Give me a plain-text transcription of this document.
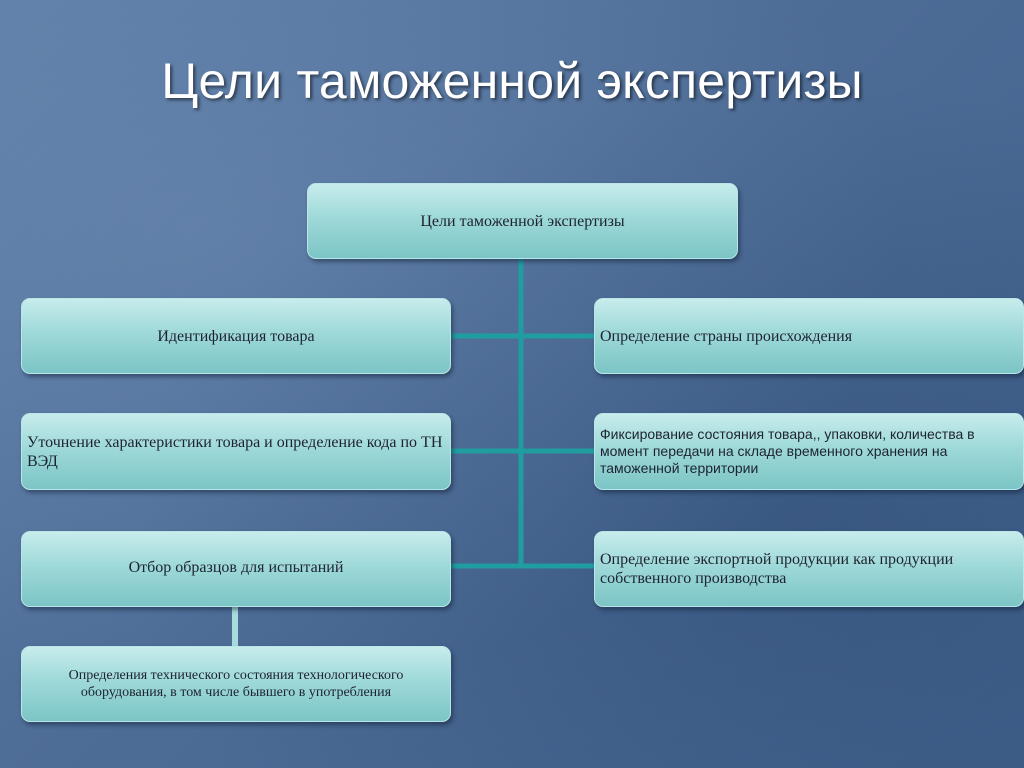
Цели таможенной экспертизы
Цели таможенной экспертизы
Идентификация товара
Уточнение характеристики товара и определение кода по ТН ВЭД
Отбор образцов для испытаний
Определение страны происхождения
Фиксирование состояния товара,, упаковки, количества в момент передачи на складе временного хранения на таможенной территории
Определение экспортной продукции как продукции собственного производства
Определения технического состояния технологического оборудования, в том числе бывшего в употребления
